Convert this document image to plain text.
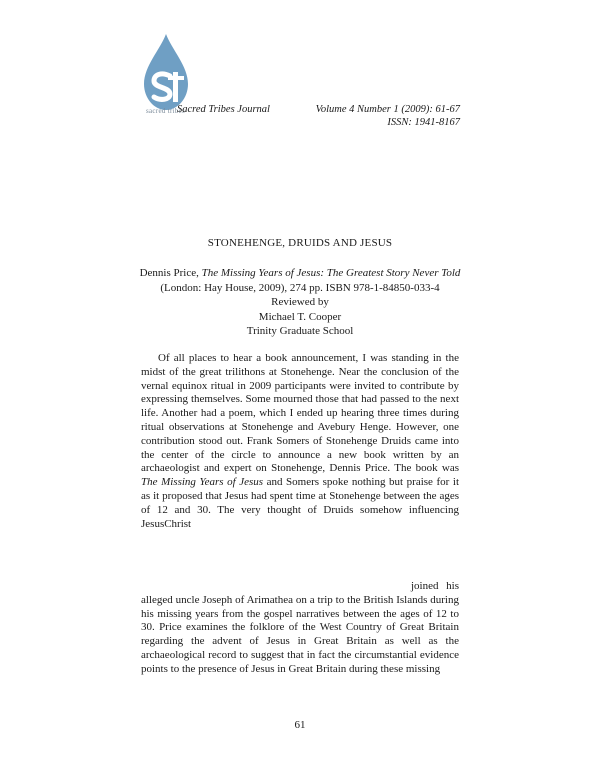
sacred tribes
Sacred Tribes Journal	Volume 4 Number 1 (2009): 61-67
ISSN: 1941-8167
STONEHENGE, DRUIDS AND JESUS
Dennis Price, The Missing Years of Jesus: The Greatest Story Never Told
(London: Hay House, 2009), 274 pp. ISBN 978-1-84850-033-4
Reviewed by
Michael T. Cooper
Trinity Graduate School
Of all places to hear a book announcement, I was standing in the midst of the great trilithons at Stonehenge. Near the conclusion of the vernal equinox ritual in 2009 participants were invited to contribute by expressing themselves. Some mourned those that had passed to the next life. Another had a poem, which I ended up hearing three times during ritual observations at Stonehenge and Avebury Henge. However, one contribution stood out. Frank Somers of Stonehenge Druids came into the center of the circle to announce a new book written by an archaeologist and expert on Stonehenge, Dennis Price. The book was The Missing Years of Jesus and Somers spoke nothing but praise for it as it proposed that Jesus had spent time at Stonehenge between the ages of 12 and 30. The very thought of Druids somehow influencing JesusChrist
joined his alleged uncle Joseph of Arimathea on a trip to the British Islands during his missing years from the gospel narratives between the ages of 12 to 30. Price examines the folklore of the West Country of Great Britain regarding the advent of Jesus in Great Britain as well as the archaeological record to suggest that in fact the circumstantial evidence points to the presence of Jesus in Great Britain during these missing
61
